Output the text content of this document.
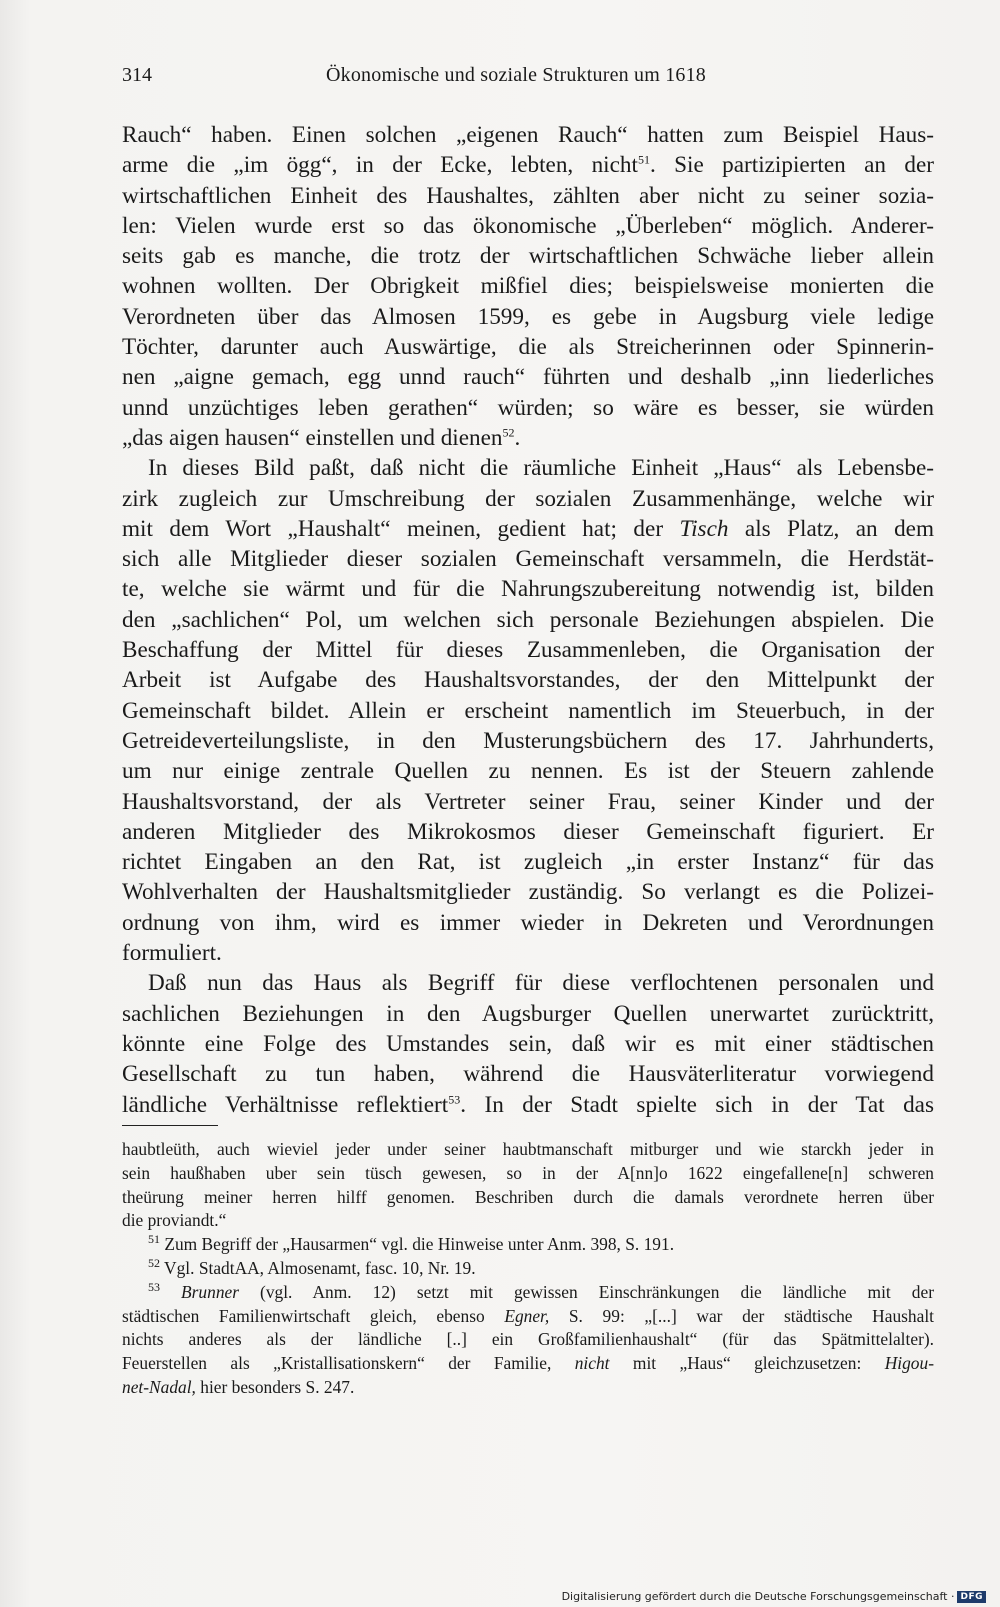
314	Ökonomische und soziale Strukturen um 1618
Rauch“ haben. Einen solchen „eigenen Rauch“ hatten zum Beispiel Haus-
arme die „im ögg“, in der Ecke, lebten, nicht$^{51}$. Sie partizipierten an der
wirtschaftlichen Einheit des Haushaltes, zählten aber nicht zu seiner sozia-
len: Vielen wurde erst so das ökonomische „Überleben“ möglich. Anderer-
seits gab es manche, die trotz der wirtschaftlichen Schwäche lieber allein
wohnen wollten. Der Obrigkeit mißfiel dies; beispielsweise monierten die
Verordneten über das Almosen 1599, es gebe in Augsburg viele ledige
Töchter, darunter auch Auswärtige, die als Streicherinnen oder Spinnerin-
nen „aigne gemach, egg unnd rauch“ führten und deshalb „inn liederliches
unnd unzüchtiges leben gerathen“ würden; so wäre es besser, sie würden
„das aigen hausen“ einstellen und dienen$^{52}$.
In dieses Bild paßt, daß nicht die räumliche Einheit „Haus“ als Lebensbe-
zirk zugleich zur Umschreibung der sozialen Zusammenhänge, welche wir
mit dem Wort „Haushalt“ meinen, gedient hat; der Tisch als Platz, an dem
sich alle Mitglieder dieser sozialen Gemeinschaft versammeln, die Herdstät-
te, welche sie wärmt und für die Nahrungszubereitung notwendig ist, bilden
den „sachlichen“ Pol, um welchen sich personale Beziehungen abspielen. Die
Beschaffung der Mittel für dieses Zusammenleben, die Organisation der
Arbeit ist Aufgabe des Haushaltsvorstandes, der den Mittelpunkt der
Gemeinschaft bildet. Allein er erscheint namentlich im Steuerbuch, in der
Getreideverteilungsliste, in den Musterungsbüchern des 17. Jahrhunderts,
um nur einige zentrale Quellen zu nennen. Es ist der Steuern zahlende
Haushaltsvorstand, der als Vertreter seiner Frau, seiner Kinder und der
anderen Mitglieder des Mikrokosmos dieser Gemeinschaft figuriert. Er
richtet Eingaben an den Rat, ist zugleich „in erster Instanz“ für das
Wohlverhalten der Haushaltsmitglieder zuständig. So verlangt es die Polizei-
ordnung von ihm, wird es immer wieder in Dekreten und Verordnungen
formuliert.
Daß nun das Haus als Begriff für diese verflochtenen personalen und
sachlichen Beziehungen in den Augsburger Quellen unerwartet zurücktritt,
könnte eine Folge des Umstandes sein, daß wir es mit einer städtischen
Gesellschaft zu tun haben, während die Hausväterliteratur vorwiegend
ländliche Verhältnisse reflektiert$^{53}$. In der Stadt spielte sich in der Tat das
haubtleüth, auch wieviel jeder under seiner haubtmanschaft mitburger und wie starckh jeder in
sein haußhaben uber sein tüsch gewesen, so in der A[nn]o 1622 eingefallene[n] schweren
theürung meiner herren hilff genomen. Beschriben durch die damals verordnete herren über
die proviandt.“
$^{51}$ Zum Begriff der „Hausarmen“ vgl. die Hinweise unter Anm. 398, S. 191.
$^{52}$ Vgl. StadtAA, Almosenamt, fasc. 10, Nr. 19.
$^{53}$ Brunner (vgl. Anm. 12) setzt mit gewissen Einschränkungen die ländliche mit der
städtischen Familienwirtschaft gleich, ebenso Egner, S. 99: „[...] war der städtische Haushalt
nichts anderes als der ländliche [..] ein Großfamilienhaushalt“ (für das Spätmittelalter).
Feuerstellen als „Kristallisationskern“ der Familie, nicht mit „Haus“ gleichzusetzen: Higou-
net-Nadal, hier besonders S. 247.
Digitalisierung gefördert durch die Deutsche Forschungsgemeinschaft · DFG
